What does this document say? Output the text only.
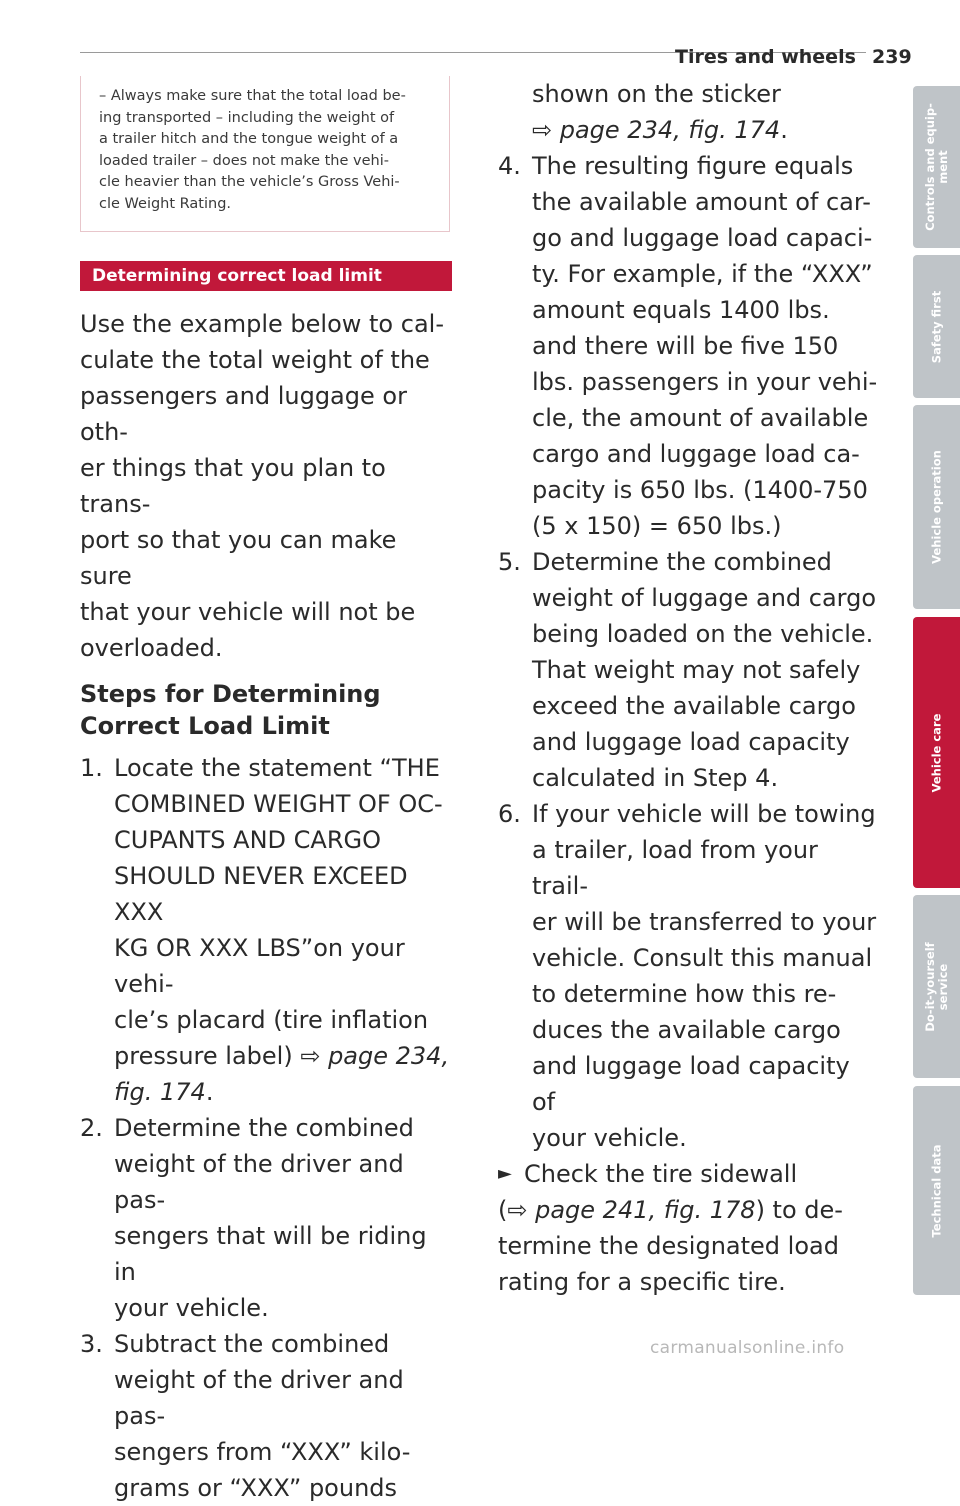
Tires and wheels 239
– Always make sure that the total load be-
ing transported – including the weight of
a trailer hitch and the tongue weight of a
loaded trailer – does not make the vehi-
cle heavier than the vehicle’s Gross Vehi-
cle Weight Rating.
Determining correct load limit
Use the example below to cal-
culate the total weight of the
passengers and luggage or oth-
er things that you plan to trans-
port so that you can make sure
that your vehicle will not be
overloaded.
Steps for Determining
Correct Load Limit
1. Locate the statement “THE
COMBINED WEIGHT OF OC-
CUPANTS AND CARGO
SHOULD NEVER EXCEED XXX
KG OR XXX LBS”on your vehi-
cle’s placard (tire inflation
pressure label) ⇨ page 234,
fig. 174.
2. Determine the combined
weight of the driver and pas-
sengers that will be riding in
your vehicle.
3. Subtract the combined
weight of the driver and pas-
sengers from “XXX” kilo-
grams or “XXX” pounds
shown on the sticker
⇨ page 234, fig. 174.
4. The resulting figure equals
the available amount of car-
go and luggage load capaci-
ty. For example, if the “XXX”
amount equals 1400 lbs.
and there will be five 150
lbs. passengers in your vehi-
cle, the amount of available
cargo and luggage load ca-
pacity is 650 lbs. (1400-750
(5 x 150) = 650 lbs.)
5. Determine the combined
weight of luggage and cargo
being loaded on the vehicle.
That weight may not safely
exceed the available cargo
and luggage load capacity
calculated in Step 4.
6. If your vehicle will be towing
a trailer, load from your trail-
er will be transferred to your
vehicle. Consult this manual
to determine how this re-
duces the available cargo
and luggage load capacity of
your vehicle.
► Check the tire sidewall
(⇨ page 241, fig. 178) to de-
termine the designated load
rating for a specific tire.
Controls and equip- ment
Safety first
Vehicle operation
Vehicle care
Do-it-yourself service
Technical data
carmanualsonline.info
